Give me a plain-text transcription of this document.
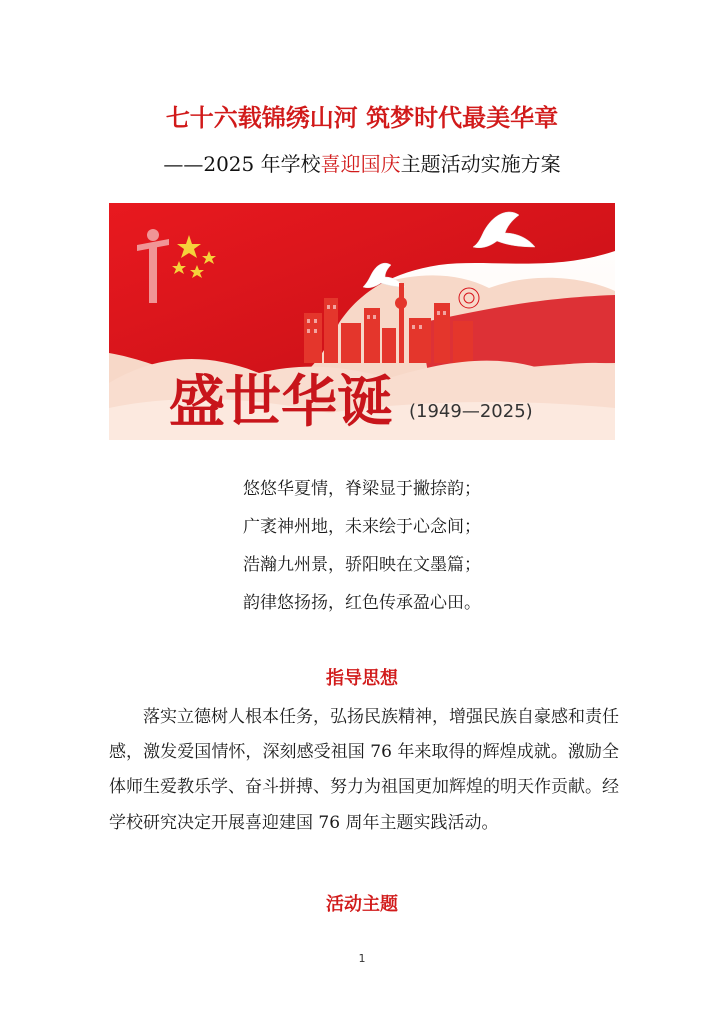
七十六载锦绣山河 筑梦时代最美华章
——2025 年学校喜迎国庆主题活动实施方案
盛世华诞 (1949—2025)
悠悠华夏情，脊梁显于撇捺韵；
广袤神州地，未来绘于心念间；
浩瀚九州景，骄阳映在文墨篇；
韵律悠扬扬，红色传承盈心田。
指导思想

落实立德树人根本任务，弘扬民族精神，增强民族自豪感和责任感，激发爱国情怀，深刻感受祖国 76 年来取得的辉煌成就。激励全体师生爱教乐学、奋斗拼搏、努力为祖国更加辉煌的明天作贡献。经学校研究决定开展喜迎建国 76 周年主题实践活动。

活动主题
1
